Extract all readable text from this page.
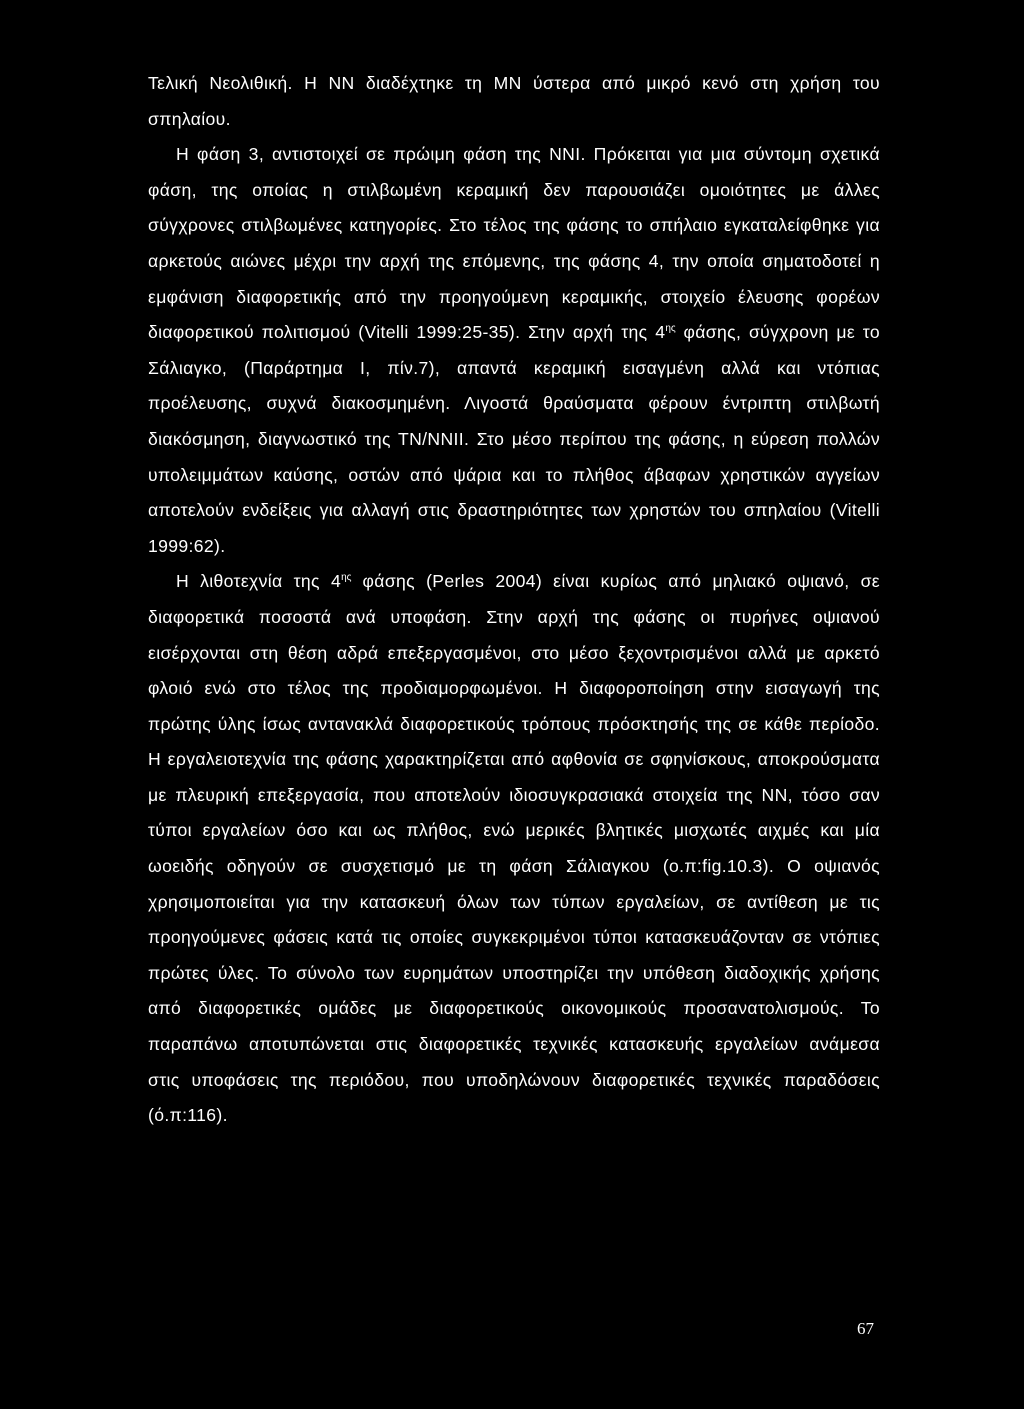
Τελική Νεολιθική. Η ΝΝ διαδέχτηκε τη ΜΝ ύστερα από μικρό κενό στη χρήση του σπηλαίου.

Η φάση 3, αντιστοιχεί σε πρώιμη φάση της ΝΝΙ. Πρόκειται για μια σύντομη σχετικά φάση, της οποίας η στιλβωμένη κεραμική δεν παρουσιάζει ομοιότητες με άλλες σύγχρονες στιλβωμένες κατηγορίες. Στο τέλος της φάσης το σπήλαιο εγκαταλείφθηκε για αρκετούς αιώνες μέχρι την αρχή της επόμενης, της φάσης 4, την οποία σηματοδοτεί η εμφάνιση διαφορετικής από την προηγούμενη κεραμικής, στοιχείο έλευσης φορέων διαφορετικού πολιτισμού (Vitelli 1999:25-35). Στην αρχή της $4^{\eta\varsigma}$ φάσης, σύγχρονη με το Σάλιαγκο, (Παράρτημα Ι, πίν.7), απαντά κεραμική εισαγμένη αλλά και ντόπιας προέλευσης, συχνά διακοσμημένη. Λιγοστά θραύσματα φέρουν έντριπτη στιλβωτή διακόσμηση, διαγνωστικό της ΤΝ/ΝΝΙΙ. Στο μέσο περίπου της φάσης, η εύρεση πολλών υπολειμμάτων καύσης, οστών από ψάρια και το πλήθος άβαφων χρηστικών αγγείων αποτελούν ενδείξεις για αλλαγή στις δραστηριότητες των χρηστών του σπηλαίου (Vitelli 1999:62).

Η λιθοτεχνία της $4^{\eta\varsigma}$ φάσης (Perles 2004) είναι κυρίως από μηλιακό οψιανό, σε διαφορετικά ποσοστά ανά υποφάση. Στην αρχή της φάσης οι πυρήνες οψιανού εισέρχονται στη θέση αδρά επεξεργασμένοι, στο μέσο ξεχοντρισμένοι αλλά με αρκετό φλοιό ενώ στο τέλος της προδιαμορφωμένοι. Η διαφοροποίηση στην εισαγωγή της πρώτης ύλης ίσως αντανακλά διαφορετικούς τρόπους πρόσκτησής της σε κάθε περίοδο. Η εργαλειοτεχνία της φάσης χαρακτηρίζεται από αφθονία σε σφηνίσκους, αποκρούσματα με πλευρική επεξεργασία, που αποτελούν ιδιοσυγκρασιακά στοιχεία της ΝΝ, τόσο σαν τύποι εργαλείων όσο και ως πλήθος, ενώ μερικές βλητικές μισχωτές αιχμές και μία ωοειδής οδηγούν σε συσχετισμό με τη φάση Σάλιαγκου (ο.π:fig.10.3). Ο οψιανός χρησιμοποιείται για την κατασκευή όλων των τύπων εργαλείων, σε αντίθεση με τις προηγούμενες φάσεις κατά τις οποίες συγκεκριμένοι τύποι κατασκευάζονταν σε ντόπιες πρώτες ύλες. Το σύνολο των ευρημάτων υποστηρίζει την υπόθεση διαδοχικής χρήσης από διαφορετικές ομάδες με διαφορετικούς οικονομικούς προσανατολισμούς. Το παραπάνω αποτυπώνεται στις διαφορετικές τεχνικές κατασκευής εργαλείων ανάμεσα στις υποφάσεις της περιόδου, που υποδηλώνουν διαφορετικές τεχνικές παραδόσεις (ό.π:116).

67
